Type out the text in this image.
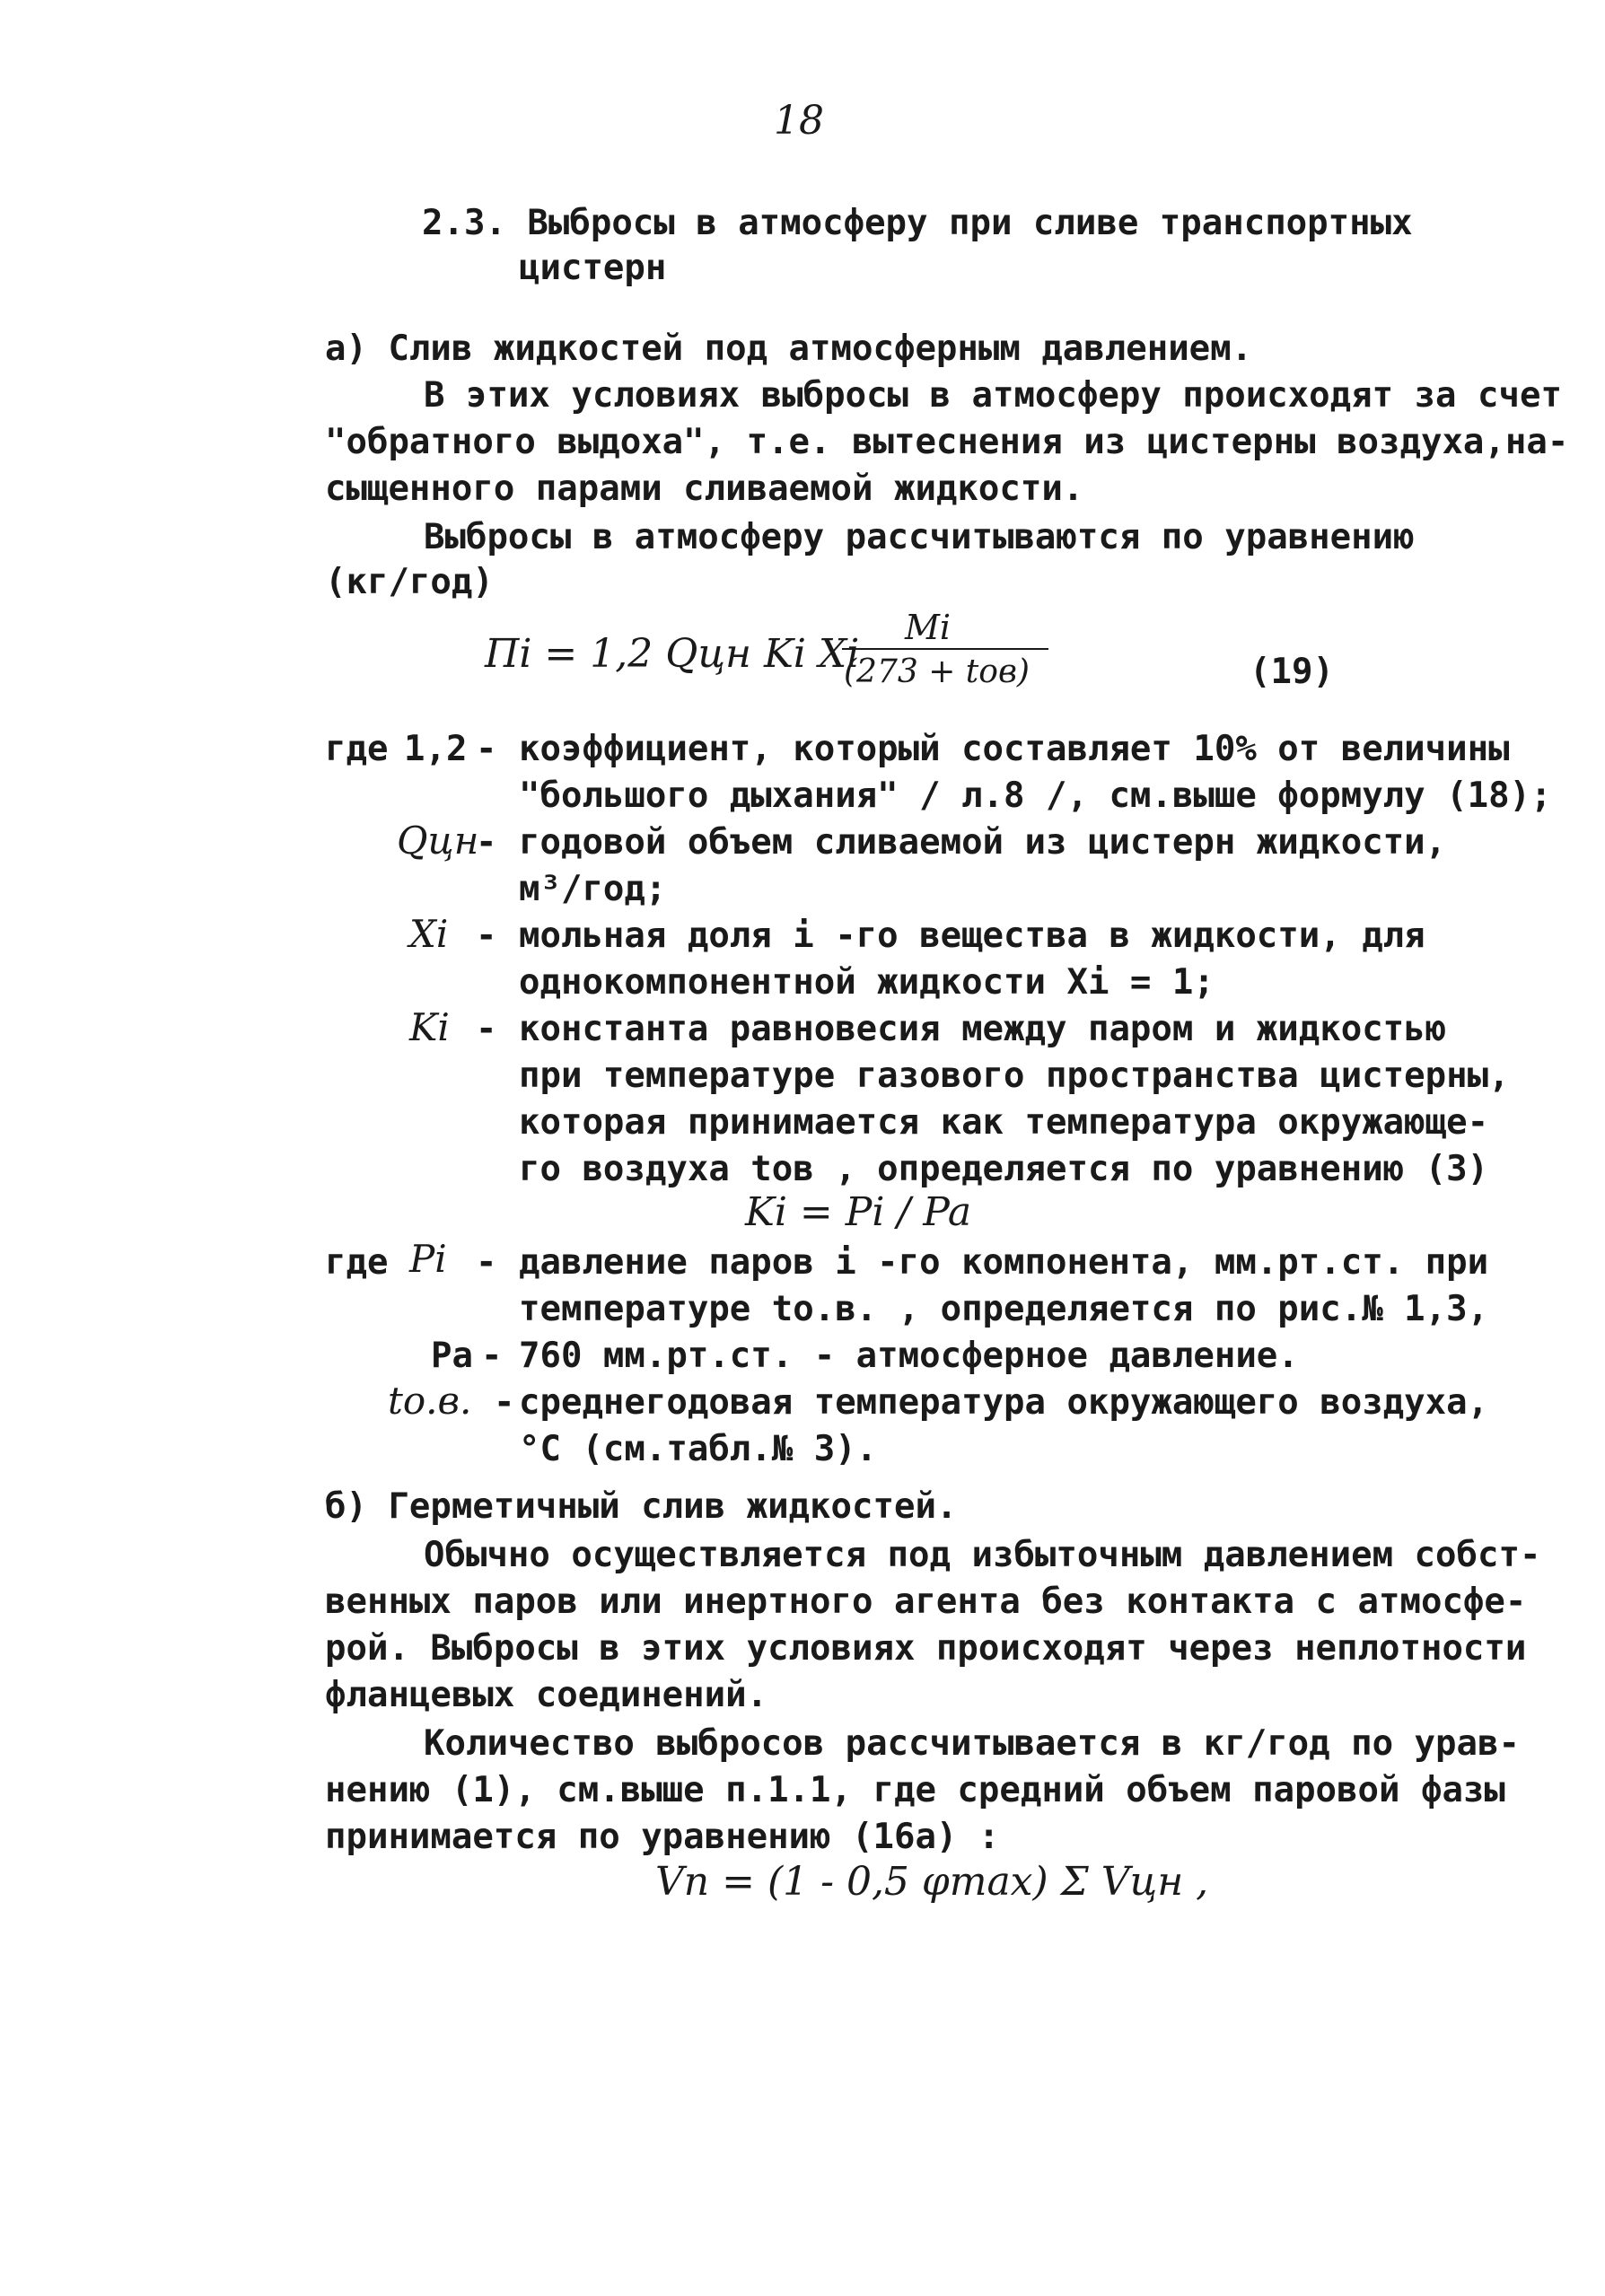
18
2.3. Выбросы в атмосферу при сливе транспортных
цистерн
а) Слив жидкостей под атмосферным давлением.
В этих условиях выбросы в атмосферу происходят за счет
"обратного выдоха", т.е. вытеснения из цистерны воздуха,на-
сыщенного парами сливаемой жидкости.
Выбросы в атмосферу рассчитываются по уравнению
(кг/год)
Пi = 1,2 Qцн Ki Xi
Mi
(273 + tов)	(19)
где 1,2 - коэффициент, который составляет 10% от величины
"большого дыхания" / л.8 /, см.выше формулу (18);
Qцн
- годовой объем сливаемой из цистерн жидкости,
м³/год;
Xi - мольная доля i -го вещества в жидкости, для
однокомпонентной жидкости Xi = 1;
Ki - константа равновесия между паром и жидкостью
при температуре газового пространства цистерны,
которая принимается как температура окружающе-
го воздуха tов , определяется по уравнению (3)
Ki = Pi / Pa
где Pi - давление паров i -го компонента, мм.рт.ст. при
температуре tо.в. , определяется по рис.№ 1,3,
Pa - 760 мм.рт.ст. - атмосферное давление.
tо.в. - среднегодовая температура окружающего воздуха,
°С (см.табл.№ 3).
б) Герметичный слив жидкостей.
Обычно осуществляется под избыточным давлением собст-
венных паров или инертного агента без контакта с атмосфе-
рой. Выбросы в этих условиях происходят через неплотности
фланцевых соединений.
Количество выбросов рассчитывается в кг/год по урав-
нению (1), см.выше п.1.1, где средний объем паровой фазы
принимается по уравнению (16а) :
Vп = (1 - 0,5 φmax) Σ Vцн ,
